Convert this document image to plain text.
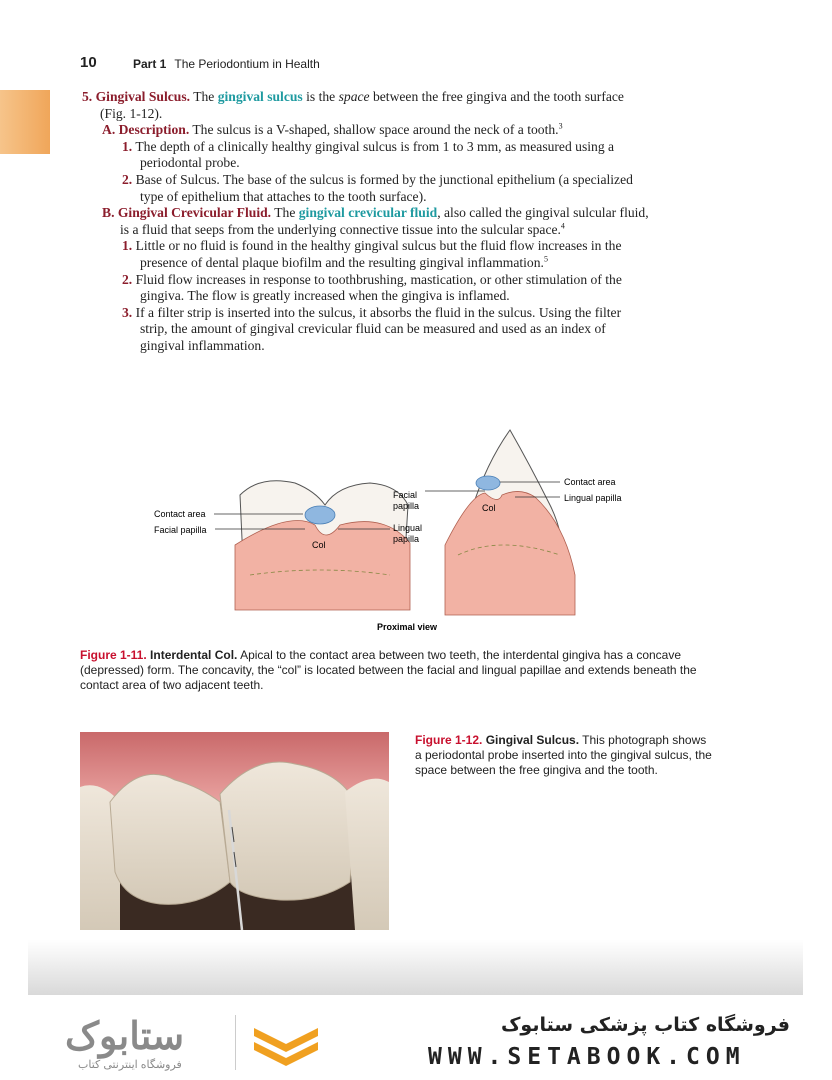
10	Part 1 The Periodontium in Health

5. Gingival Sulcus. The gingival sulcus is the space between the free gingiva and the tooth surface (Fig. 1-12).

A. Description. The sulcus is a V-shaped, shallow space around the neck of a tooth.$^3$

1. The depth of a clinically healthy gingival sulcus is from 1 to 3 mm, as measured using a periodontal probe.

2. Base of Sulcus. The base of the sulcus is formed by the junctional epithelium (a specialized type of epithelium that attaches to the tooth surface).

B. Gingival Crevicular Fluid. The gingival crevicular fluid, also called the gingival sulcular fluid, is a fluid that seeps from the underlying connective tissue into the sulcular space.$^4$

1. Little or no fluid is found in the healthy gingival sulcus but the fluid flow increases in the presence of dental plaque biofilm and the resulting gingival inflammation.$^5$

2. Fluid flow increases in response to toothbrushing, mastication, or other stimulation of the gingiva. The flow is greatly increased when the gingiva is inflamed.

3. If a filter strip is inserted into the sulcus, it absorbs the fluid in the sulcus. Using the filter strip, the amount of gingival crevicular fluid can be measured and used as an index of gingival inflammation.

Contact area
Facial papilla
Col
Facial
papilla
Lingual
papilla
Col
Contact area
Lingual papilla
Proximal view
Figure 1-11. Interdental Col. Apical to the contact area between two teeth, the interdental gingiva has a concave (depressed) form. The concavity, the “col” is located between the facial and lingual papillae and extends beneath the contact area of two adjacent teeth.
Figure 1-12. Gingival Sulcus. This photograph shows a periodontal probe inserted into the gingival sulcus, the space between the free gingiva and the tooth.
ستابوک
فروشگاه اینترنتی کتاب
فروشگاه کتاب پزشکی ستابوک
WWW.SETABOOK.COM
